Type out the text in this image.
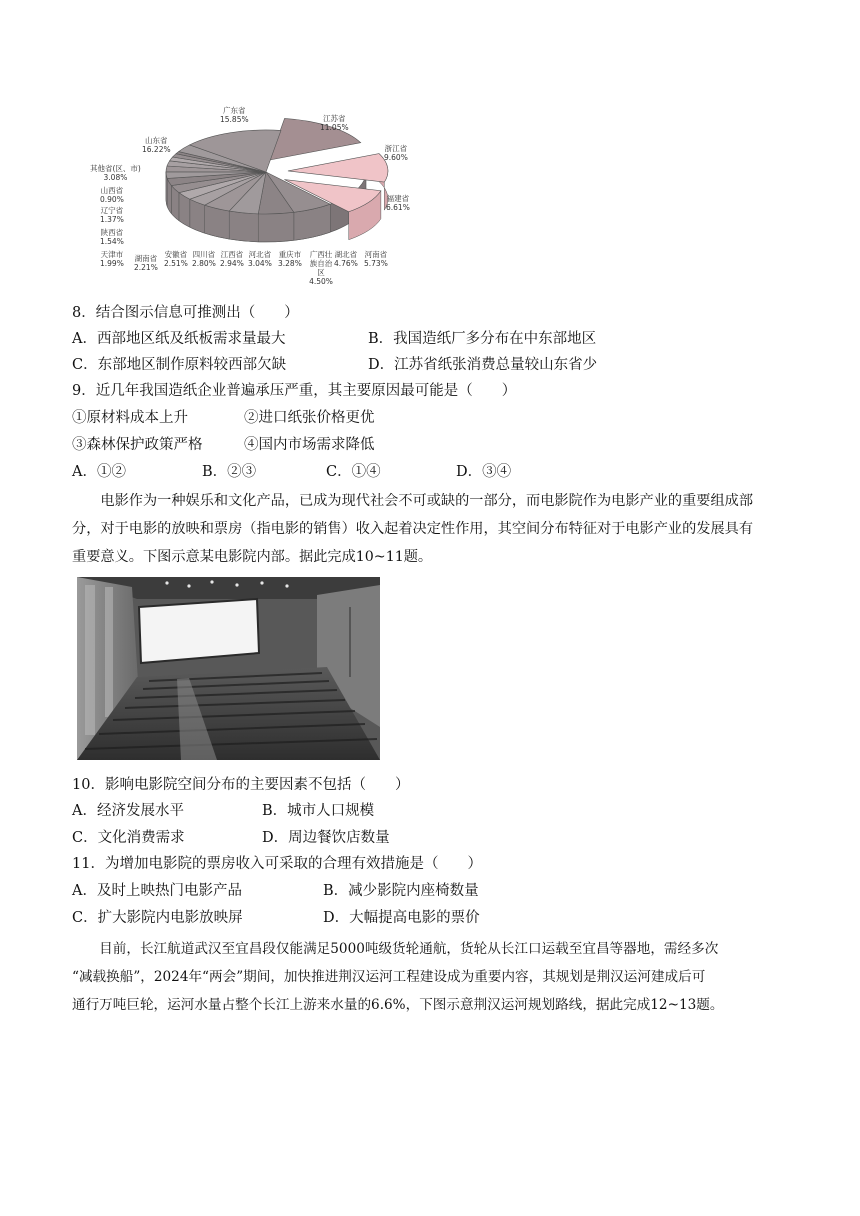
广东省
15.85%	江苏省
11.05%
浙江省
9.60%
福建省
6.61%
河南省
5.73%
湖北省
4.76%
广西壮族自治区
4.50%
重庆市
3.28%
河北省
3.04%
江西省
2.94%
四川省
2.80%
安徽省
2.51%
湖南省
2.21%
天津市
1.99%
陕西省
1.54%
辽宁省
1.37%
山西省
0.90%
其他省(区、市)
3.08%
山东省
16.22%
8．结合图示信息可推测出（　　）
A．西部地区纸及纸板需求量最大	B．我国造纸厂多分布在中东部地区
C．东部地区制作原料较西部欠缺	D．江苏省纸张消费总量较山东省少
9．近几年我国造纸企业普遍承压严重，其主要原因最可能是（　　）
①原材料成本上升	②进口纸张价格更优
③森林保护政策严格	④国内市场需求降低
A．①②	B．②③	C．①④	D．③④
　　电影作为一种娱乐和文化产品，已成为现代社会不可或缺的一部分，而电影院作为电影产业的重要组成部
分，对于电影的放映和票房（指电影的销售）收入起着决定性作用，其空间分布特征对于电影产业的发展具有
重要意义。下图示意某电影院内部。据此完成10~11题。
10．影响电影院空间分布的主要因素不包括（　　）
A．经济发展水平	B．城市人口规模
C．文化消费需求	D．周边餐饮店数量
11．为增加电影院的票房收入可采取的合理有效措施是（　　）
A．及时上映热门电影产品	B．减少影院内座椅数量
C．扩大影院内电影放映屏	D．大幅提高电影的票价
　　目前，长江航道武汉至宜昌段仅能满足5000吨级货轮通航，货轮从长江口运载至宜昌等器地，需经多次
“减载换船”，2024年“两会”期间，加快推进荆汉运河工程建设成为重要内容，其规划是荆汉运河建成后可
通行万吨巨轮，运河水量占整个长江上游来水量的6.6%，下图示意荆汉运河规划路线，据此完成12~13题。
